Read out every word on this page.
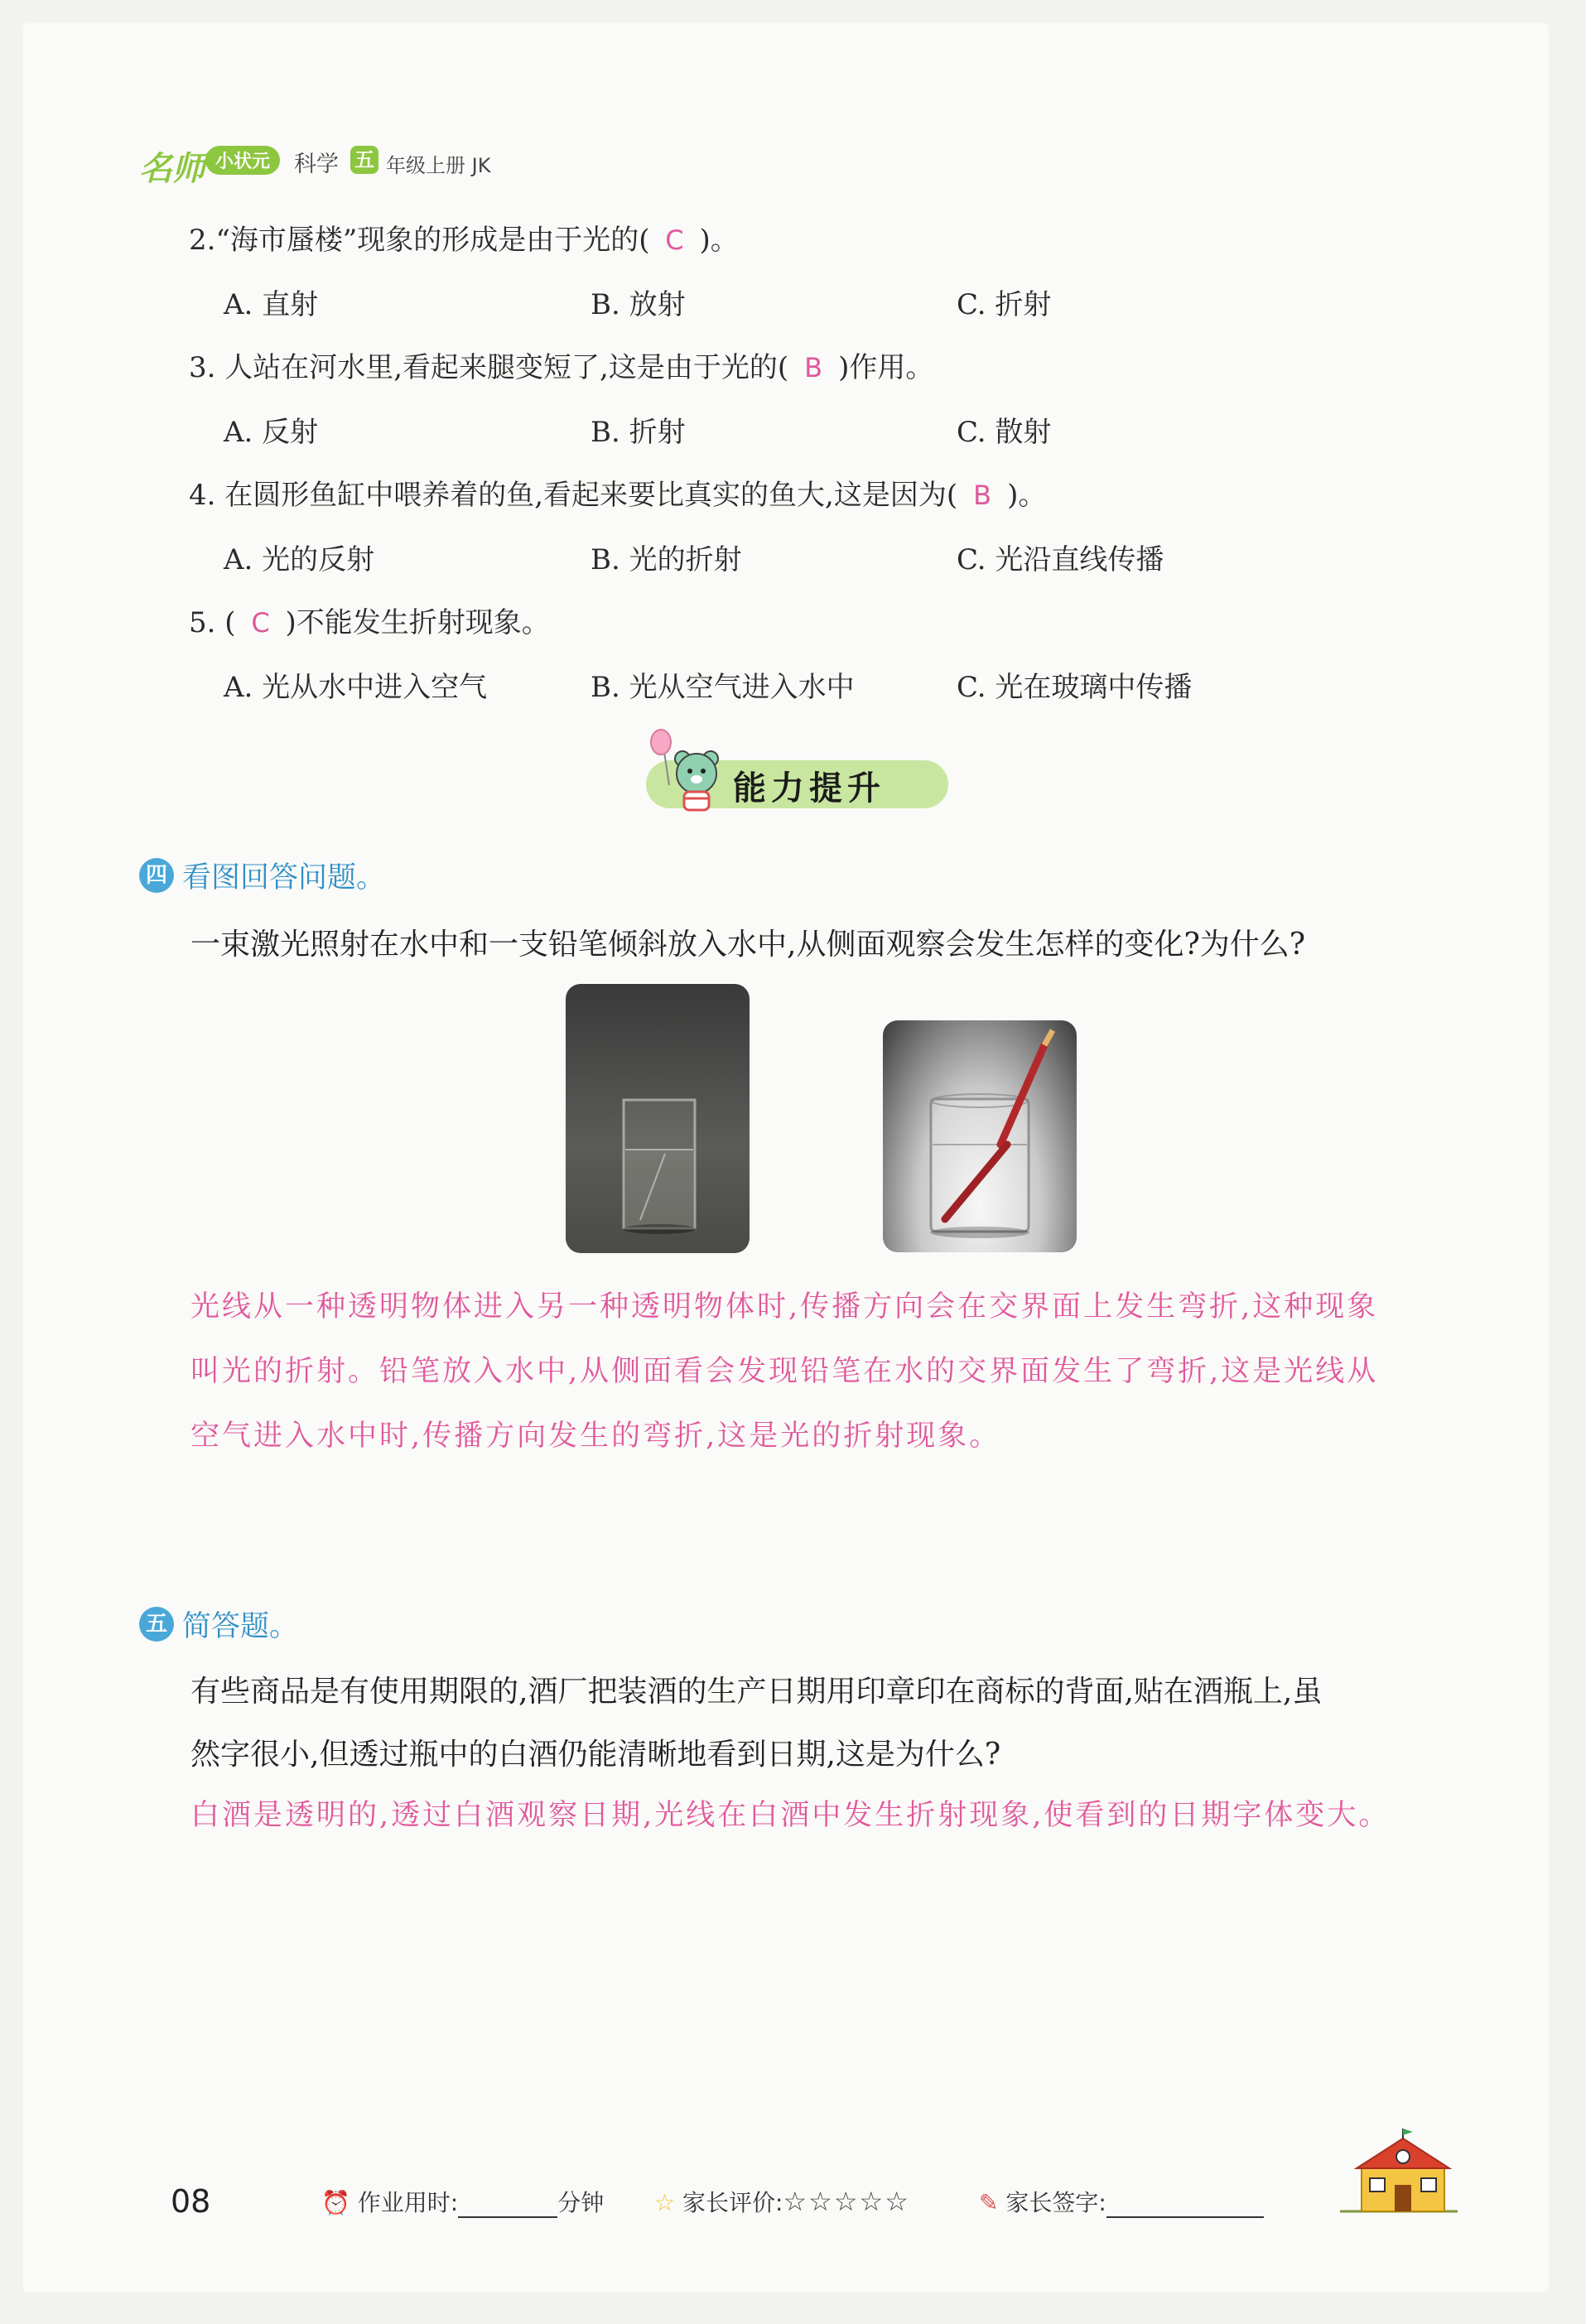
名师 小状元	科学 五 年级上册 JK
2.“海市蜃楼”现象的形成是由于光的( C )。
A. 直射	B. 放射	C. 折射
3. 人站在河水里,看起来腿变短了,这是由于光的( B )作用。
A. 反射	B. 折射	C. 散射
4. 在圆形鱼缸中喂养着的鱼,看起来要比真实的鱼大,这是因为( B )。
A. 光的反射	B. 光的折射	C. 光沿直线传播
5. ( C )不能发生折射现象。
A. 光从水中进入空气	B. 光从空气进入水中	C. 光在玻璃中传播
能力提升
四 看图回答问题。
一束激光照射在水中和一支铅笔倾斜放入水中,从侧面观察会发生怎样的变化?为什么?
光线从一种透明物体进入另一种透明物体时,传播方向会在交界面上发生弯折,这种现象
叫光的折射。铅笔放入水中,从侧面看会发现铅笔在水的交界面发生了弯折,这是光线从
空气进入水中时,传播方向发生的弯折,这是光的折射现象。
五 简答题。
有些商品是有使用期限的,酒厂把装酒的生产日期用印章印在商标的背面,贴在酒瓶上,虽
然字很小,但透过瓶中的白酒仍能清晰地看到日期,这是为什么?
白酒是透明的,透过白酒观察日期,光线在白酒中发生折射现象,使看到的日期字体变大。
08	⏰ 作业用时:	分钟 ☆ 家长评价:☆☆☆☆☆	✎ 家长签字:
